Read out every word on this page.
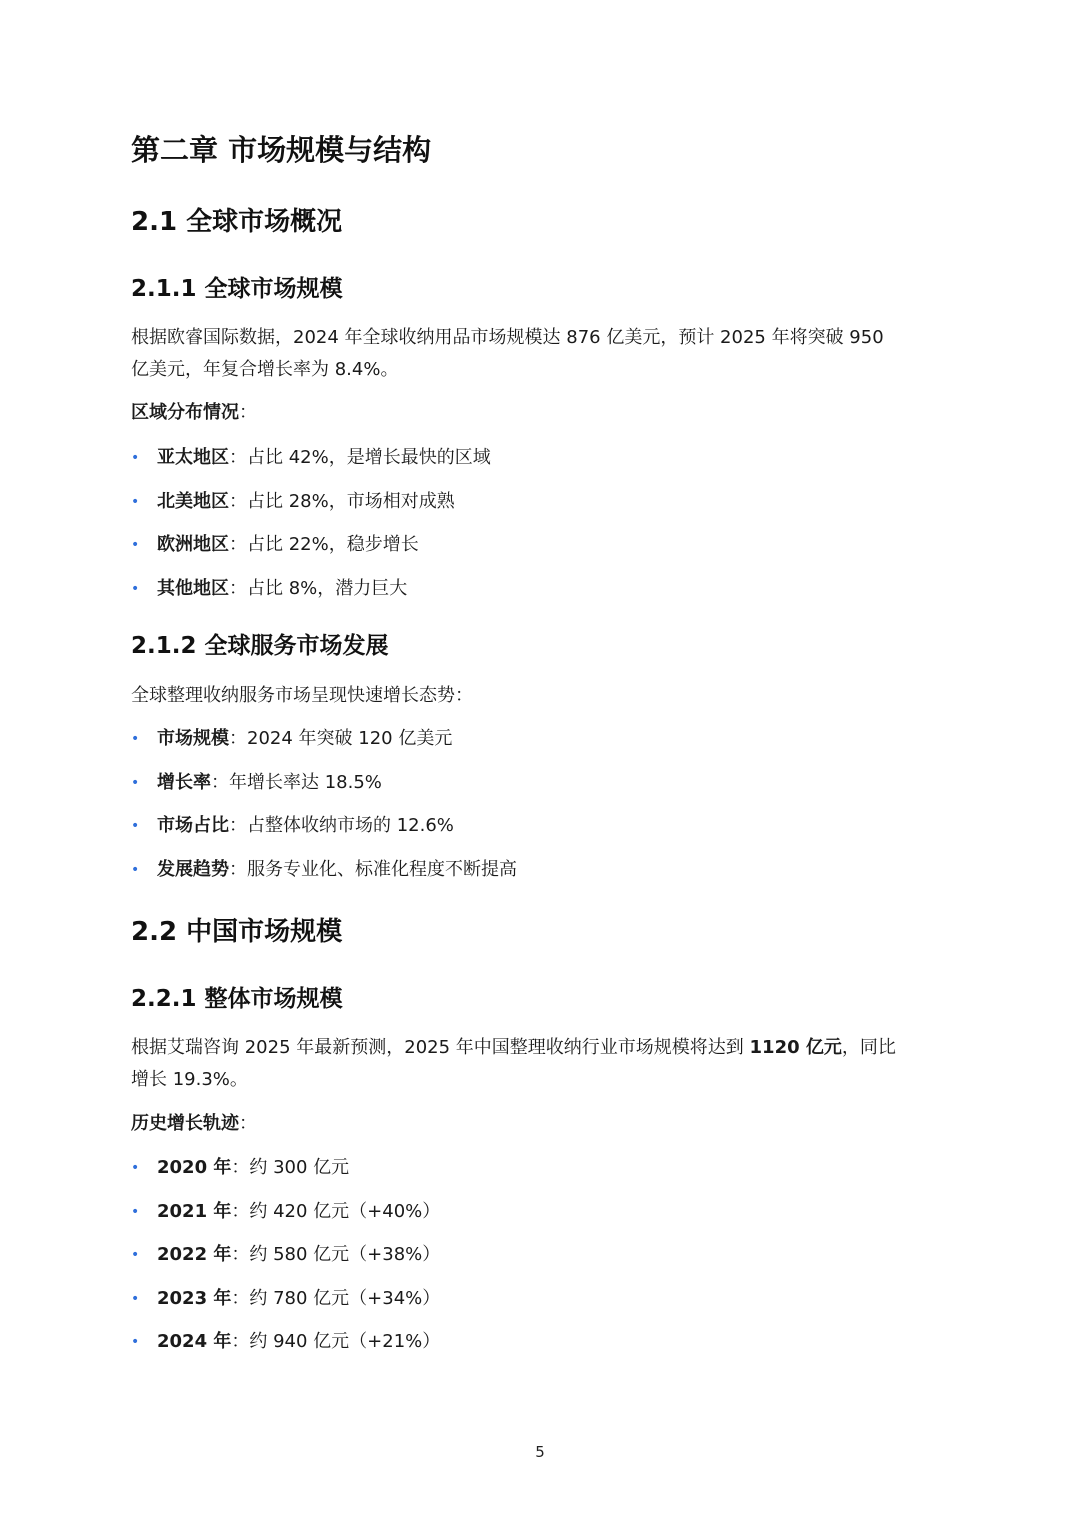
第二章 市场规模与结构
2.1 全球市场概况
2.1.1 全球市场规模
根据欧睿国际数据，2024 年全球收纳用品市场规模达 876 亿美元，预计 2025 年将突破 950
亿美元，年复合增长率为 8.4%。
区域分布情况：
• 亚太地区：占比 42%，是增长最快的区域
• 北美地区：占比 28%，市场相对成熟
• 欧洲地区：占比 22%，稳步增长
• 其他地区：占比 8%，潜力巨大
2.1.2 全球服务市场发展
全球整理收纳服务市场呈现快速增长态势：
• 市场规模：2024 年突破 120 亿美元
• 增长率：年增长率达 18.5%
• 市场占比：占整体收纳市场的 12.6%
• 发展趋势：服务专业化、标准化程度不断提高
2.2 中国市场规模
2.2.1 整体市场规模
根据艾瑞咨询 2025 年最新预测，2025 年中国整理收纳行业市场规模将达到 1120 亿元，同比
增长 19.3%。
历史增长轨迹：
• 2020 年：约 300 亿元
• 2021 年：约 420 亿元（+40%）
• 2022 年：约 580 亿元（+38%）
• 2023 年：约 780 亿元（+34%）
• 2024 年：约 940 亿元（+21%）
5
